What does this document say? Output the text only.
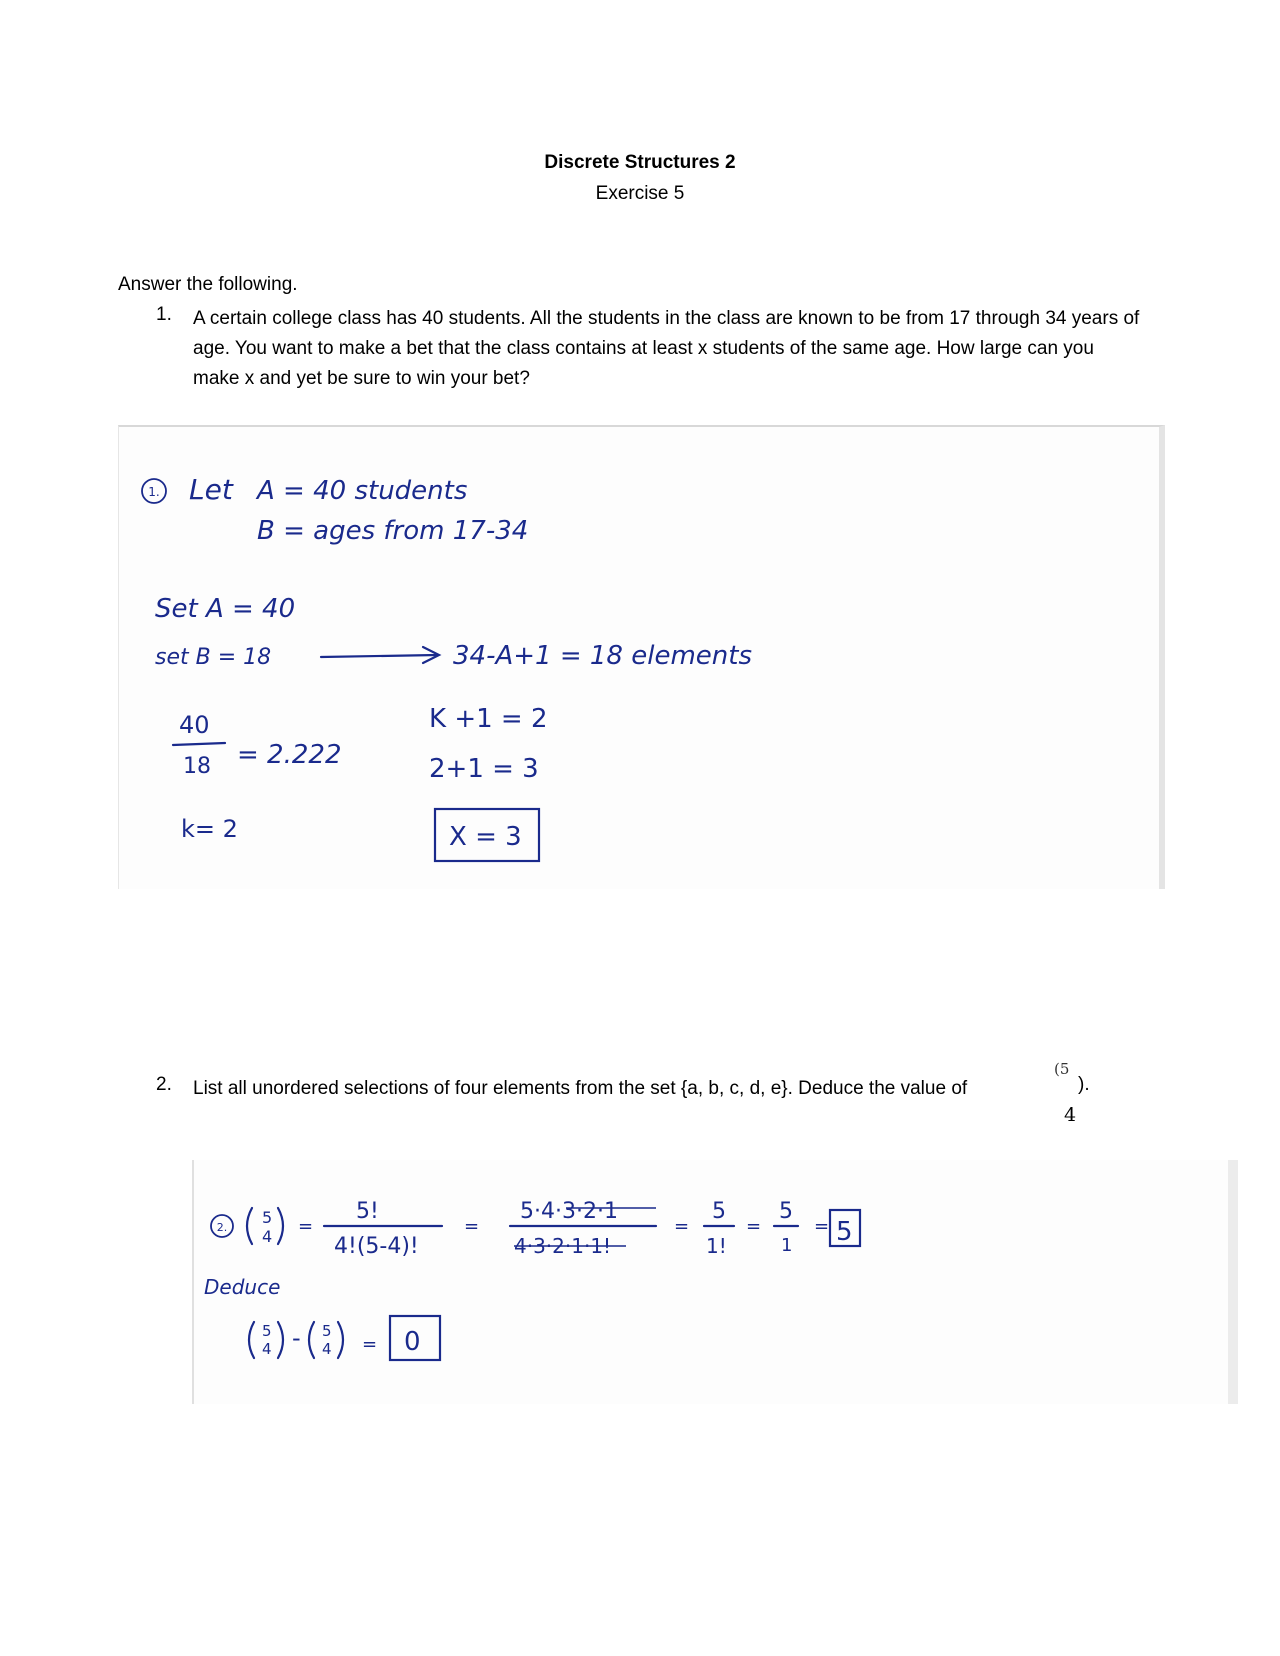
Discrete Structures 2
Exercise 5
Answer the following.
1. A certain college class has 40 students. All the students in the class are known to be from 17 through 34 years of age. You want to make a bet that the class contains at least x students of the same age. How large can you make x and yet be sure to win your bet?
1. Let A = 40 students
B = ages from 17-34
Set A = 40
set B = 18	34-A+1 = 18 elements
40
18 = 2.222
K +1 = 2
2+1 = 3
k= 2	X = 3
2. List all unordered selections of four elements from the set {a, b, c, d, e}. Deduce the value of
(5
).
4
2.
5
4 =
5!
4!(5-4)!
=
5·4·3·2·1
4·3·2·1·1!
=
5
1!
=
5
1
= 5
Deduce
5
4 - 5
4 = 0
